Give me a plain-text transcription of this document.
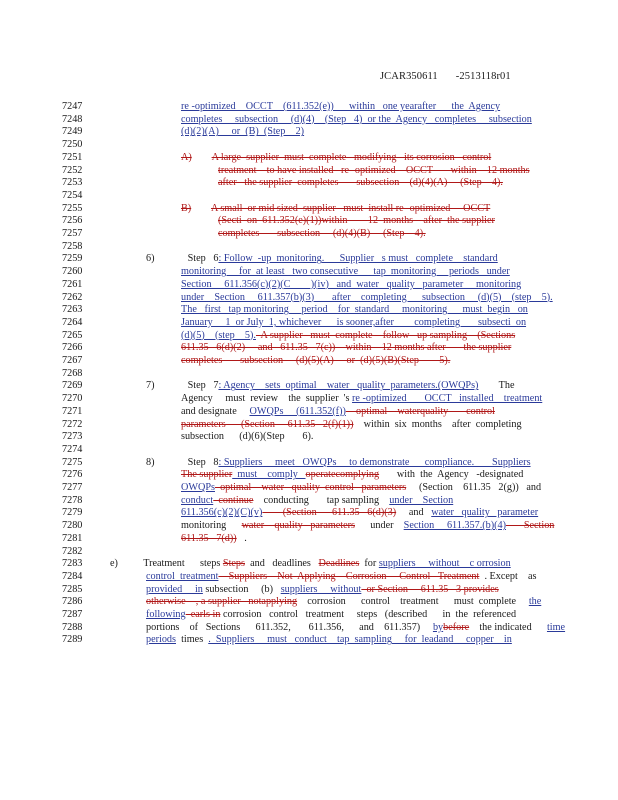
JCAR350611 -2513118r01
7247	re -optimized    OCCT    (611.352(e))      within   one yearafter      the  Agency
7248	completes     subsection     (d)(4)    (Step   4)  or the  Agency   completes     subsection
7249	(d)(2)(A)     or  (B)  (Step    2)
7250
7251	A) A large  supplier  must  complete   modifying   its corrosion   control
7252	treatment    to have installed   re- optimized    OCCT       within    12 months
7253	after   the supplier  completes       subsection    (d)(4)(A)     (Step    4).
7254
7255	B) A small  or mid sized  supplier   must  install re- optimized     OCCT
7256	(Secti  on  611.352(e)(1))within        12  months    after  the supplier
7257	completes       subsection     (d)(4)(B)     (Step    4).
7258
7259	6)             Step   6: Follow  -up  monitoring.      Supplier   s must   complete    standard
7260	monitoring     for  at least   two consecutive      tap  monitoring     periods   under
7261	Section     611.356(c)(2)(C        )(iv)   and  water   quality   parameter     monitoring
7262	under    Section     611.357(b)(3)       after    completing      subsection     (d)(5)    (step    5).
7263	The   first   tap monitoring     period    for  standard     monitoring      must  begin   on
7264	January     1  or July  1, whichever      is sooner,after        completing       subsecti  on
7265	(d)(5)    (step    5).  A supplier   must  complete    follow   up sampling    (Sections
7266	611.35   6(d)(2)     and   611.35   7(c))    within    12 months after       the supplier
7267	completes       subsection     (d)(5)(A)     or  (d)(5)(B)(Step        5).
7268
7269	7)             Step   7: Agency    sets  optimal    water   quality  parameters.(OWQPs)        The
7270	Agency     must  review    the  supplier  's re -optimized       OCCT   installed    treatment
7271	and designate     OWQPs     (611.352(f))    optimal    waterquality       control
7272	parameters      (Section     611.35   2(f)(1))    within  six  months    after  completing
7273	subsection      (d)(6)(Step       6).
7274
7275	8)             Step   8: Suppliers     meet   OWQPs     to demonstrate      compliance.       Suppliers
7276	The supplier  must    comply   operatecomplying       with  the  Agency   -designated
7277	OWQPs  optimal    water   quality  control   parameters     (Section    611.35   2(g))   and
7278	conduct  continue    conducting       tap sampling    under    Section
7279	611.356(c)(2)(C)(v)        (Section      611.35   6(d)(3)     and   water   quality   parameter
7280	monitoring      water    quality   parameters      under    Section     611.357.(b)(4)       Section
7281	611.35   7(d))   .
7282
7283	e)          Treatment      steps Steps  and   deadlines   Deadlines  for suppliers     without    c orrosion
7284	control  treatment    Suppliers    Not  Applying    Corrosion     Control   Treatment  . Except    as
7285	provided     in subsection     (b)   suppliers     without  or Section     611.35   3 provides
7286	otherwise    , a supplier   notapplying    corrosion      control    treatment      must  complete     the
7287	following  earls in corrosion   control   treatment     steps   (described      in  the  referenced
7288	portions    of   Sections      611.352,       611.356,      and    611.357)     bybefore    the indicated      time
7289	periods  times  .  Suppliers     must   conduct    tap  sampling     for  leadand     copper    in
